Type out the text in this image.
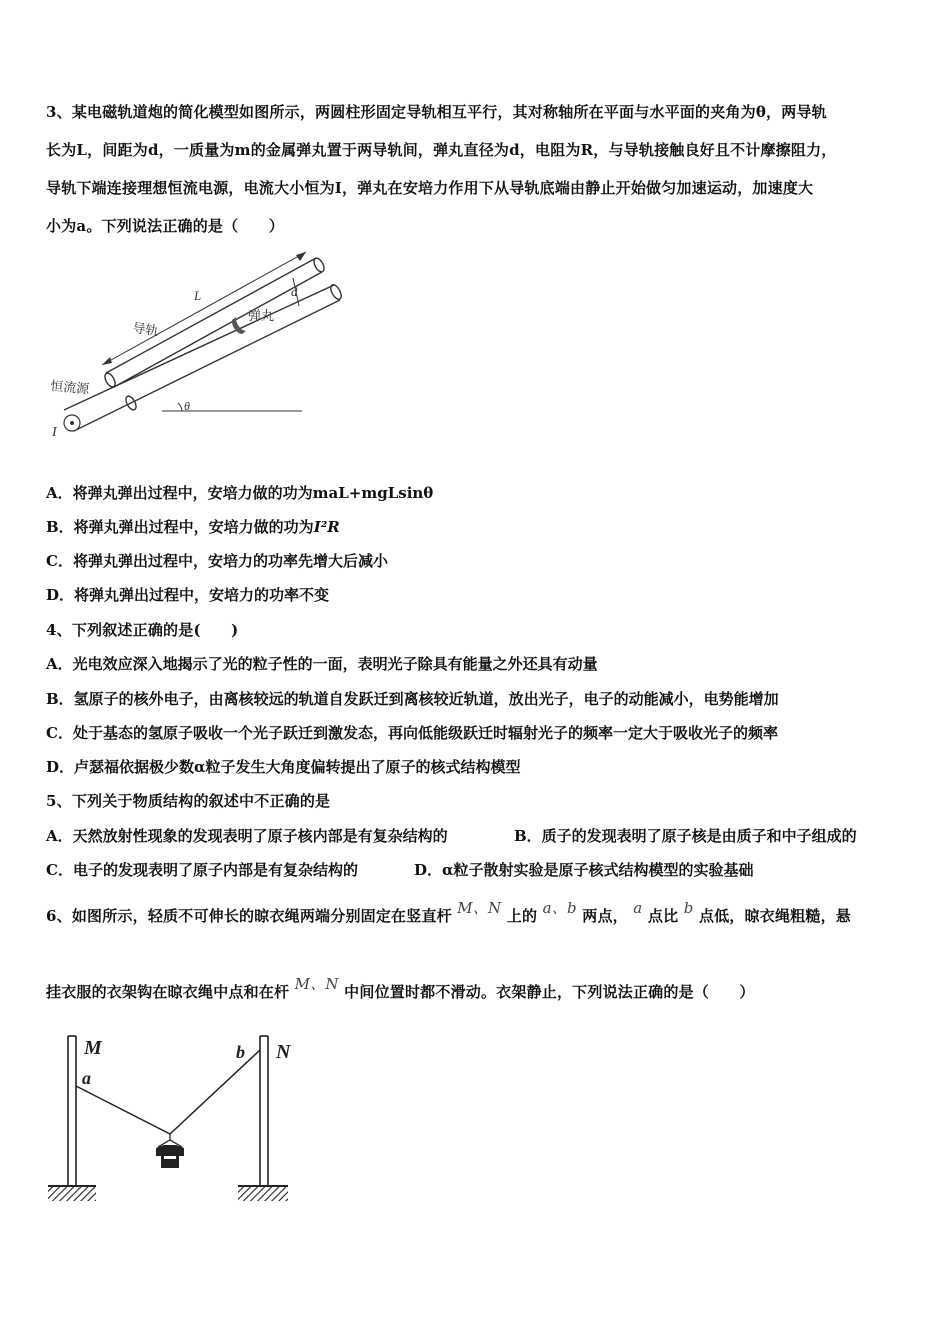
3、某电磁轨道炮的简化模型如图所示，两圆柱形固定导轨相互平行，其对称轴所在平面与水平面的夹角为θ，两导轨
长为L，间距为d，一质量为m的金属弹丸置于两导轨间，弹丸直径为d，电阻为R，与导轨接触良好且不计摩擦阻力，
导轨下端连接理想恒流电源，电流大小恒为I，弹丸在安培力作用下从导轨底端由静止开始做匀加速运动，加速度大
小为a。下列说法正确的是（　　）
L	d
导轨
弹丸
恒流源
I
θ
A．将弹丸弹出过程中，安培力做的功为maL+mgLsinθ
B．将弹丸弹出过程中，安培力做的功为I²R
C．将弹丸弹出过程中，安培力的功率先增大后减小
D．将弹丸弹出过程中，安培力的功率不变
4、下列叙述正确的是(　　)
A．光电效应深入地揭示了光的粒子性的一面，表明光子除具有能量之外还具有动量
B．氢原子的核外电子，由离核较远的轨道自发跃迁到离核较近轨道，放出光子，电子的动能减小，电势能增加
C．处于基态的氢原子吸收一个光子跃迁到激发态，再向低能级跃迁时辐射光子的频率一定大于吸收光子的频率
D．卢瑟福依据极少数α粒子发生大角度偏转提出了原子的核式结构模型
5、下列关于物质结构的叙述中不正确的是
A．天然放射性现象的发现表明了原子核内部是有复杂结构的	B．质子的发现表明了原子核是由质子和中子组成的
C．电子的发现表明了原子内部是有复杂结构的	D．α粒子散射实验是原子核式结构模型的实验基础
6、如图所示，轻质不可伸长的晾衣绳两端分别固定在竖直杆 M、N 上的 a、b 两点， a 点比 b 点低，晾衣绳粗糙，悬
挂衣服的衣架钩在晾衣绳中点和在杆 M、N 中间位置时都不滑动。衣架静止，下列说法正确的是（　　）
M	N
a
b
